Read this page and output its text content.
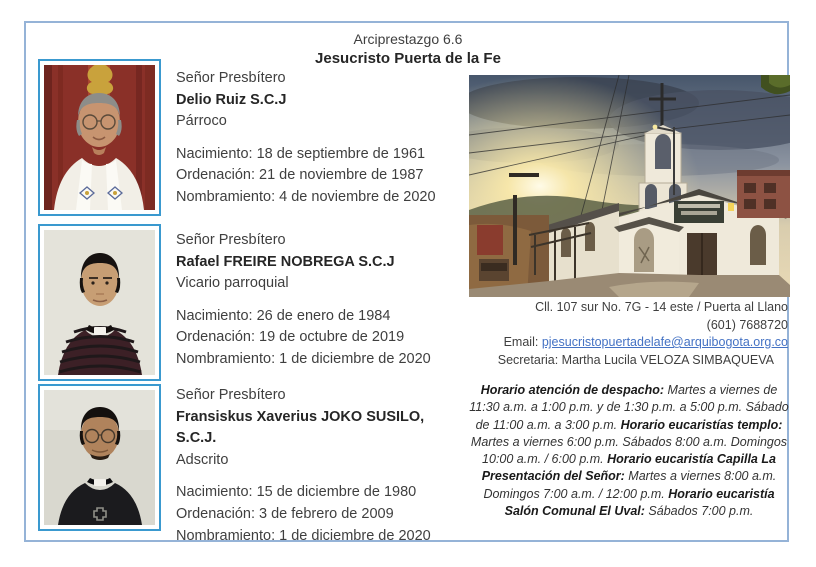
Arciprestazgo 6.6
Jesucristo Puerta de la Fe
Señor Presbítero
Delio Ruiz S.C.J
Párroco
Nacimiento: 18 de septiembre de 1961
Ordenación: 21 de noviembre de 1987
Nombramiento: 4 de noviembre de 2020
Señor Presbítero
Rafael FREIRE NOBREGA S.C.J
Vicario parroquial
Nacimiento: 26 de enero de 1984
Ordenación: 19 de octubre de 2019
Nombramiento: 1 de diciembre de 2020
Señor Presbítero
Fransiskus Xaverius JOKO SUSILO, S.C.J.
Adscrito
Nacimiento: 15 de diciembre de 1980
Ordenación: 3 de febrero de 2009
Nombramiento: 1 de diciembre de 2020
Cll. 107 sur No. 7G - 14 este / Puerta al Llano
(601) 7688720
Email: pjesucristopuertadelafe@arquibogota.org.co
Secretaria: Martha Lucila VELOZA SIMBAQUEVA
Horario atención de despacho: Martes a viernes de 11:30 a.m. a 1:00 p.m. y de 1:30 p.m. a 5:00 p.m. Sábado de 11:00 a.m. a 3:00 p.m. Horario eucaristías templo: Martes a viernes 6:00 p.m. Sábados 8:00 a.m. Domingos 10:00 a.m. / 6:00 p.m. Horario eucaristía Capilla La Presentación del Señor: Martes a viernes 8:00 a.m. Domingos 7:00 a.m. / 12:00 p.m. Horario eucaristía Salón Comunal El Uval: Sábados 7:00 p.m.
